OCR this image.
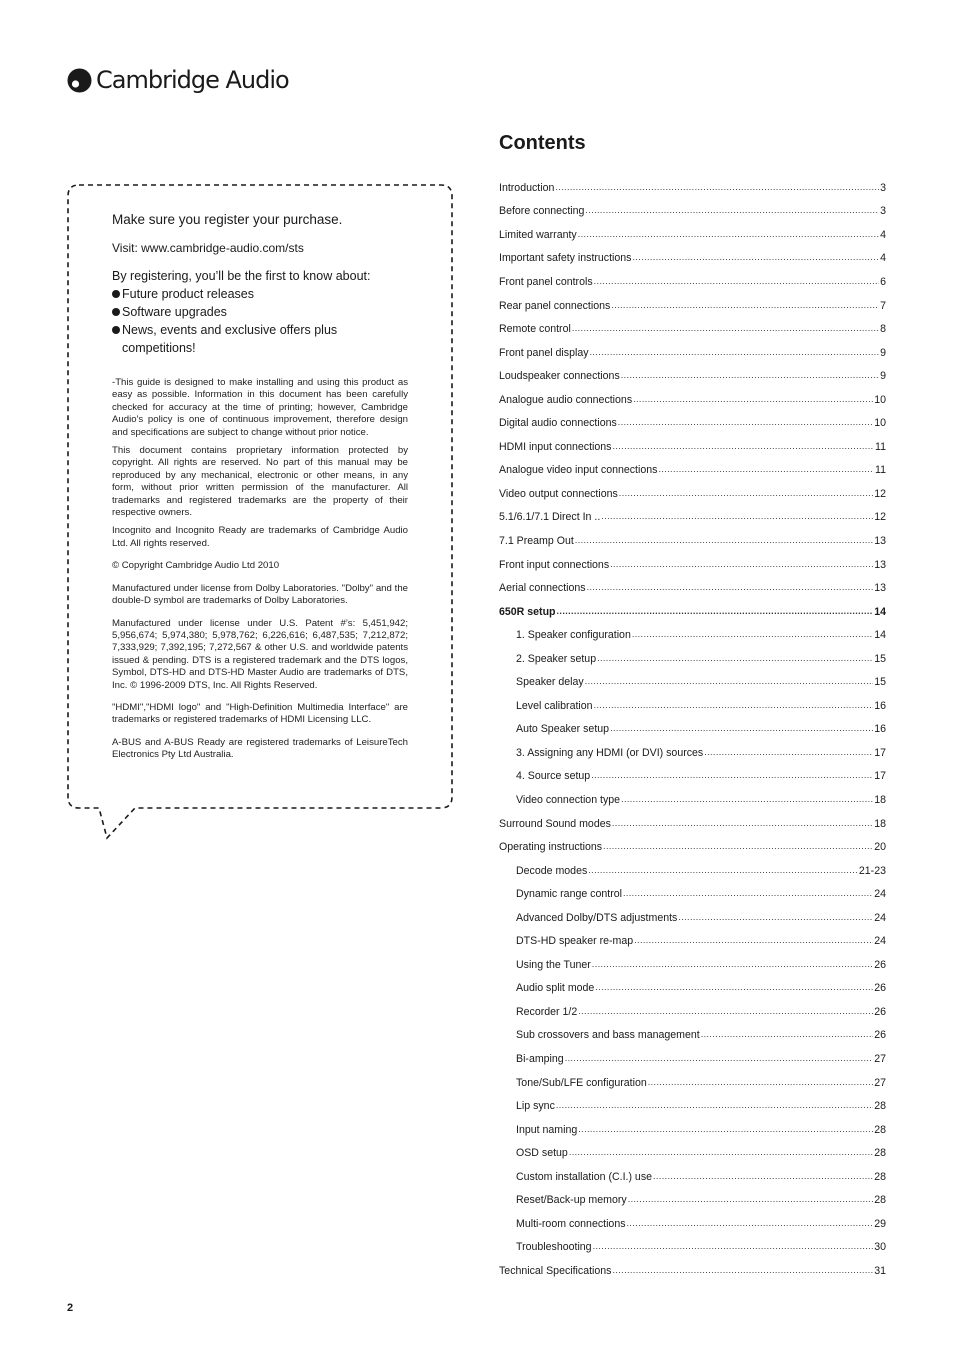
Cambridge Audio

Make sure you register your purchase.

Visit: www.cambridge-audio.com/sts

By registering, you’ll be the first to know about:

Future product releases
Software upgrades
News, events and exclusive offers plus competitions!

-This guide is designed to make installing and using this product as easy as possible. Information in this document has been carefully checked for accuracy at the time of printing; however, Cambridge Audio's policy is one of continuous improvement, therefore design and specifications are subject to change without prior notice.

This document contains proprietary information protected by copyright. All rights are reserved. No part of this manual may be reproduced by any mechanical, electronic or other means, in any form, without prior written permission of the manufacturer. All trademarks and registered trademarks are the property of their respective owners.

Incognito and Incognito Ready are trademarks of Cambridge Audio Ltd. All rights reserved.

© Copyright Cambridge Audio Ltd 2010

Manufactured under license from Dolby Laboratories. "Dolby" and the double-D symbol are trademarks of Dolby Laboratories.

Manufactured under license under U.S. Patent #’s: 5,451,942; 5,956,674; 5,974,380; 5,978,762; 6,226,616; 6,487,535; 7,212,872; 7,333,929; 7,392,195; 7,272,567 & other U.S. and worldwide patents issued & pending. DTS is a registered trademark and the DTS logos, Symbol, DTS-HD and DTS-HD Master Audio are trademarks of DTS, Inc. © 1996-2009 DTS, Inc. All Rights Reserved.

"HDMI","HDMI logo" and "High-Definition Multimedia Interface" are trademarks or registered trademarks of HDMI Licensing LLC.

A-BUS and A-BUS Ready are registered trademarks of LeisureTech Electronics Pty Ltd Australia.

Contents
Introduction .....	3
Before connecting .....	3
Limited warranty .....	4
Important safety instructions .....	4
Front panel controls .....	6
Rear panel connections .....	7
Remote control .....	8
Front panel display .....	9
Loudspeaker connections .....	9
Analogue audio connections .....	10
Digital audio connections .....	10
HDMI input connections .....	11
Analogue video input connections .....	11
Video output connections .....	12
5.1/6.1/7.1 Direct In .. .....	12
7.1 Preamp Out .....	13
Front input connections .....	13
Aerial connections .....	13
650R setup .....	14
1. Speaker configuration .....	14
2. Speaker setup .....	15
Speaker delay .....	15
Level calibration .....	16
Auto Speaker setup .....	16
3. Assigning any HDMI (or DVI) sources .....	17
4. Source setup .....	17
Video connection type .....	18
Surround Sound modes .....	18
Operating instructions .....	20
Decode modes .....	21-23
Dynamic range control .....	24
Advanced Dolby/DTS adjustments .....	24
DTS-HD speaker re-map .....	24
Using the Tuner .....	26
Audio split mode .....	26
Recorder 1/2 .....	26
Sub crossovers and bass management .....	26
Bi-amping .....	27
Tone/Sub/LFE configuration .....	27
Lip sync .....	28
Input naming .....	28
OSD setup .....	28
Custom installation (C.I.) use .....	28
Reset/Back-up memory .....	28
Multi-room connections .....	29
Troubleshooting .....	30
Technical Specifications .....	31
2
